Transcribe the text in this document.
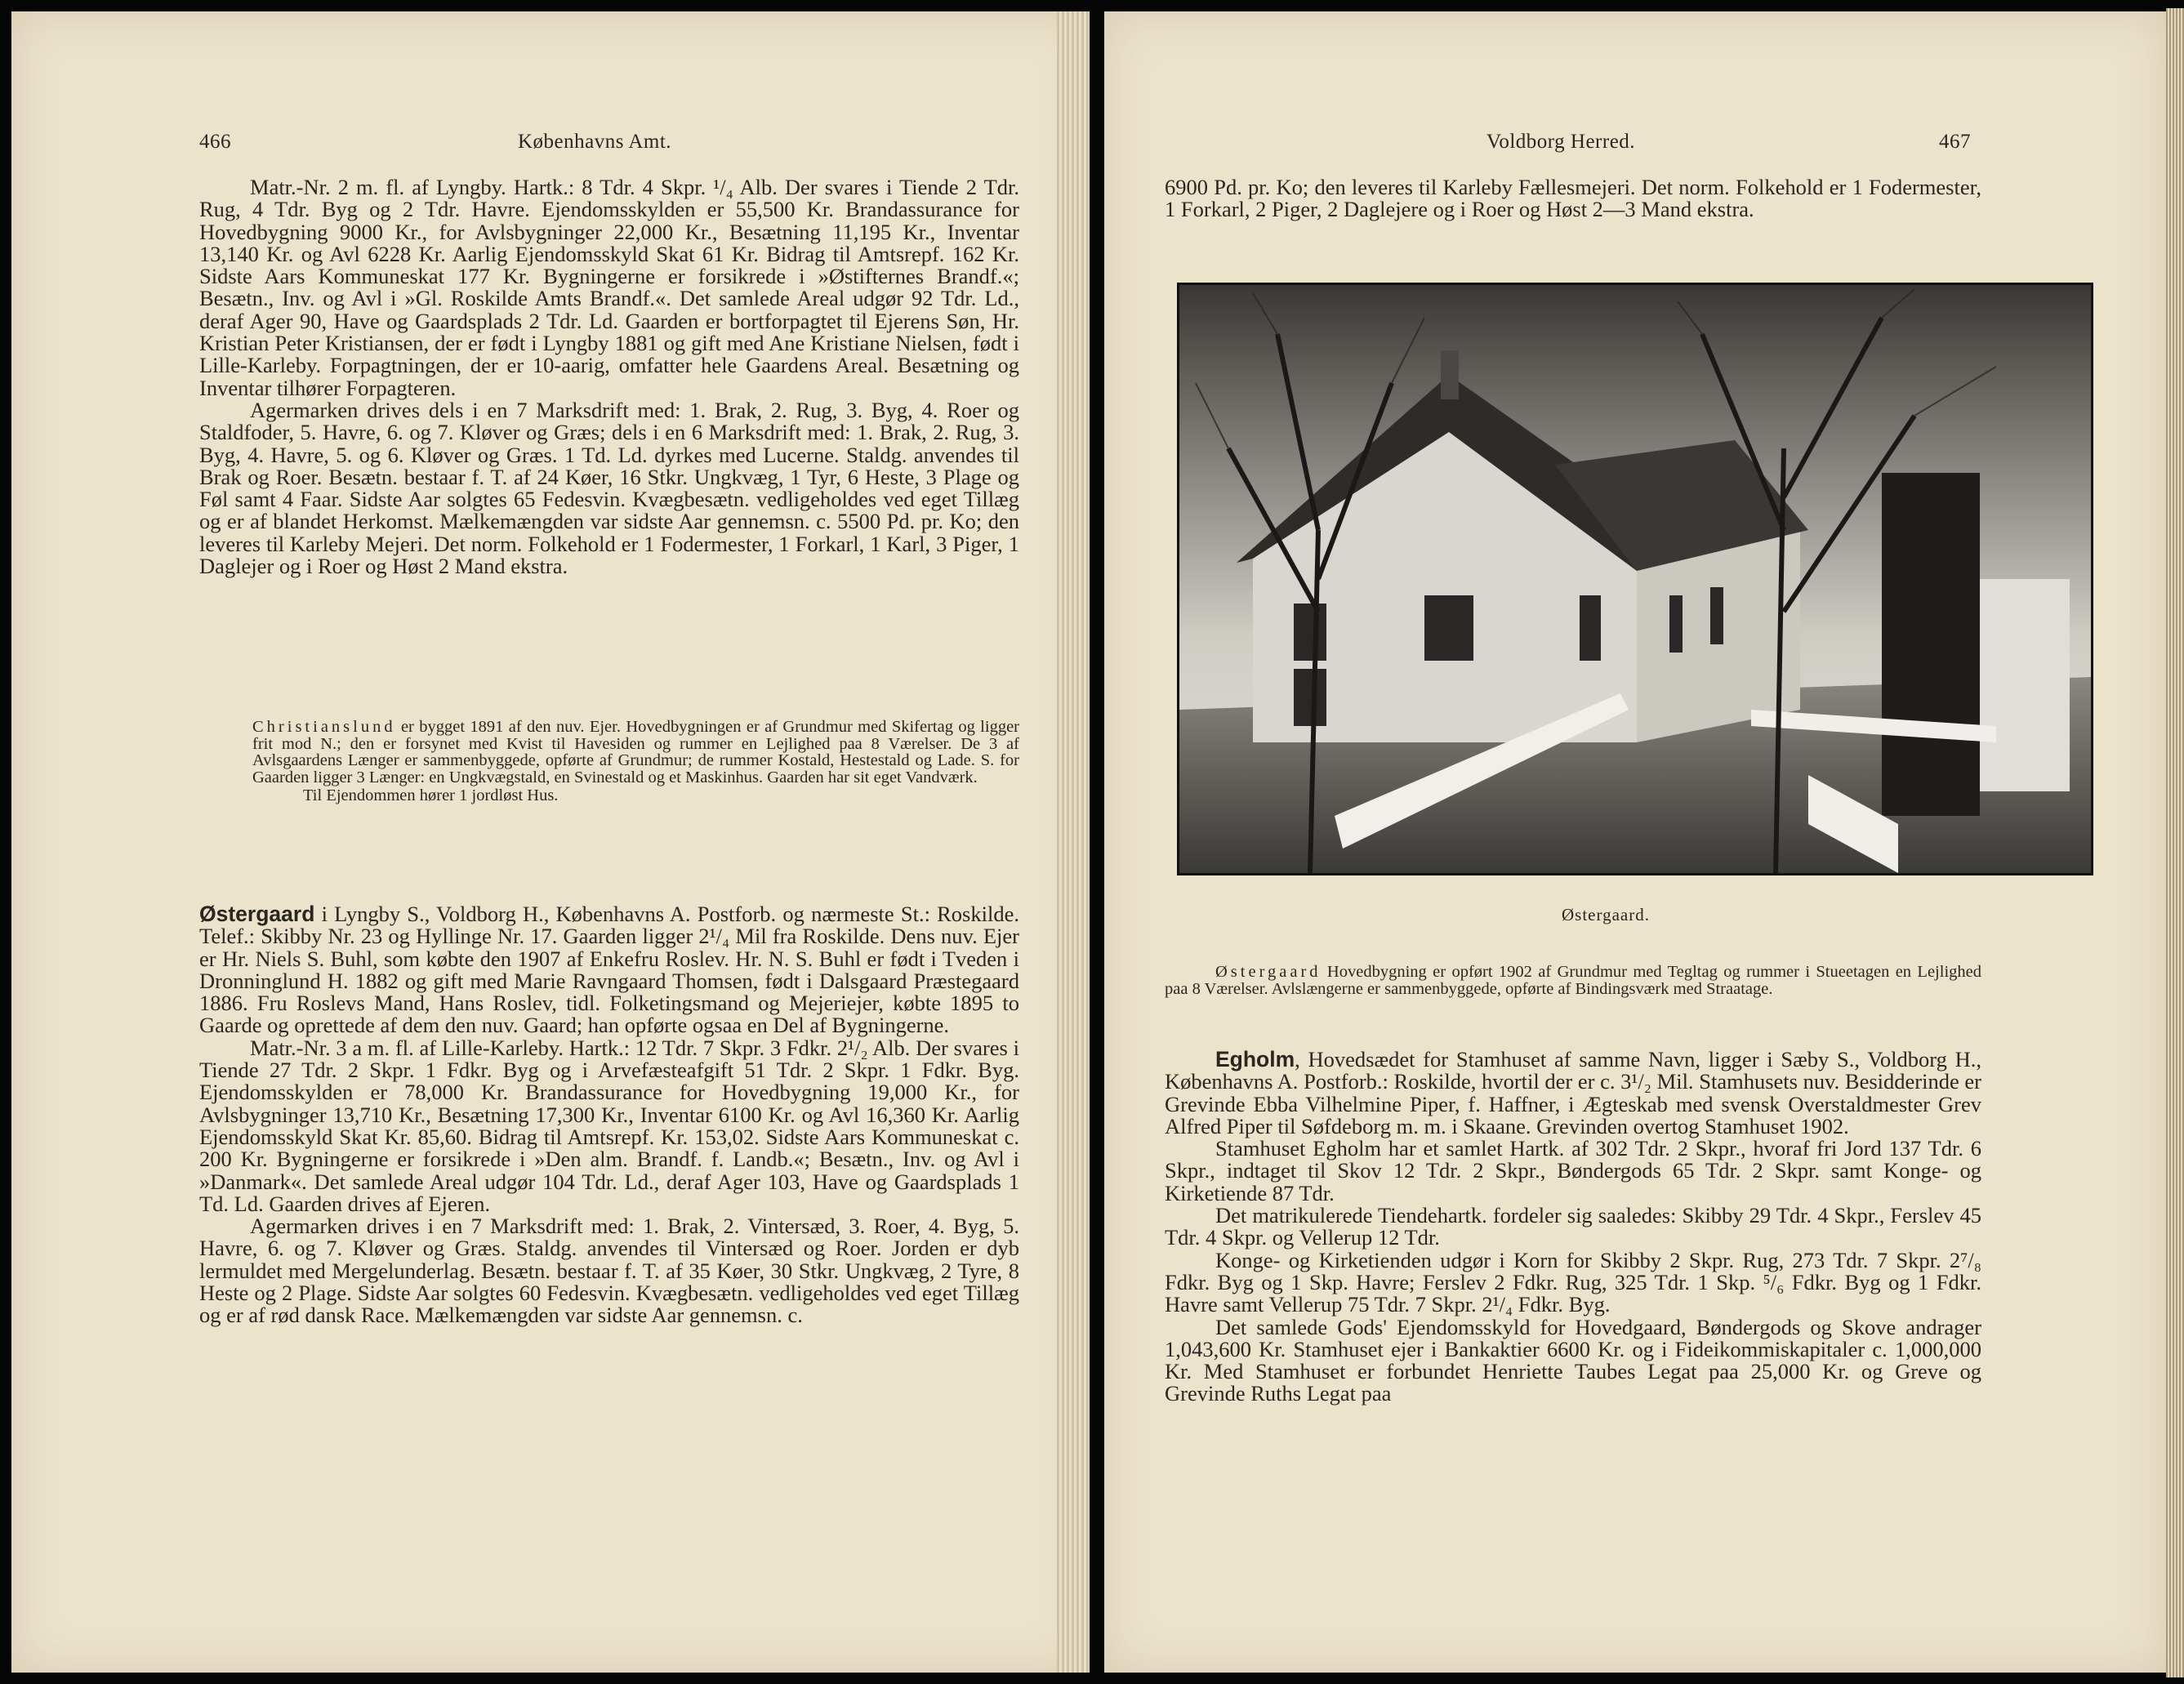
466	Københavns Amt.

Matr.-Nr. 2 m. fl. af Lyngby. Hartk.: 8 Tdr. 4 Skpr. ¹/₄ Alb. Der svares i Tiende 2 Tdr. Rug, 4 Tdr. Byg og 2 Tdr. Havre. Ejendomsskylden er 55,500 Kr. Brandassurance for Hovedbygning 9000 Kr., for Avlsbygninger 22,000 Kr., Besætning 11,195 Kr., Inventar 13,140 Kr. og Avl 6228 Kr. Aarlig Ejendomsskyld Skat 61 Kr. Bidrag til Amtsrepf. 162 Kr. Sidste Aars Kommuneskat 177 Kr. Bygningerne er forsikrede i »Østifternes Brandf.«; Besætn., Inv. og Avl i »Gl. Roskilde Amts Brandf.«. Det samlede Areal udgør 92 Tdr. Ld., deraf Ager 90, Have og Gaardsplads 2 Tdr. Ld. Gaarden er bortforpagtet til Ejerens Søn, Hr. Kristian Peter Kristiansen, der er født i Lyngby 1881 og gift med Ane Kristiane Nielsen, født i Lille-Karleby. Forpagtningen, der er 10-aarig, omfatter hele Gaardens Areal. Besætning og Inventar tilhører Forpagteren.

Agermarken drives dels i en 7 Marksdrift med: 1. Brak, 2. Rug, 3. Byg, 4. Roer og Staldfoder, 5. Havre, 6. og 7. Kløver og Græs; dels i en 6 Marksdrift med: 1. Brak, 2. Rug, 3. Byg, 4. Havre, 5. og 6. Kløver og Græs. 1 Td. Ld. dyrkes med Lucerne. Staldg. anvendes til Brak og Roer. Besætn. bestaar f. T. af 24 Køer, 16 Stkr. Ungkvæg, 1 Tyr, 6 Heste, 3 Plage og Føl samt 4 Faar. Sidste Aar solgtes 65 Fedesvin. Kvægbesætn. vedligeholdes ved eget Tillæg og er af blandet Herkomst. Mælkemængden var sidste Aar gennemsn. c. 5500 Pd. pr. Ko; den leveres til Karleby Mejeri. Det norm. Folkehold er 1 Fodermester, 1 Forkarl, 1 Karl, 3 Piger, 1 Daglejer og i Roer og Høst 2 Mand ekstra.

Christianslund er bygget 1891 af den nuv. Ejer. Hovedbygningen er af Grundmur med Skifertag og ligger frit mod N.; den er forsynet med Kvist til Havesiden og rummer en Lejlighed paa 8 Værelser. De 3 af Avlsgaardens Længer er sammenbyggede, opførte af Grundmur; de rummer Kostald, Hestestald og Lade. S. for Gaarden ligger 3 Længer: en Ungkvægstald, en Svinestald og et Maskinhus. Gaarden har sit eget Vandværk.

Til Ejendommen hører 1 jordløst Hus.

Østergaard i Lyngby S., Voldborg H., Københavns A. Postforb. og nærmeste St.: Roskilde. Telef.: Skibby Nr. 23 og Hyllinge Nr. 17. Gaarden ligger 2¹/₄ Mil fra Roskilde. Dens nuv. Ejer er Hr. Niels S. Buhl, som købte den 1907 af Enkefru Roslev. Hr. N. S. Buhl er født i Tveden i Dronninglund H. 1882 og gift med Marie Ravngaard Thomsen, født i Dalsgaard Præstegaard 1886. Fru Roslevs Mand, Hans Roslev, tidl. Folketingsmand og Mejeriejer, købte 1895 to Gaarde og oprettede af dem den nuv. Gaard; han opførte ogsaa en Del af Bygningerne.

Matr.-Nr. 3 a m. fl. af Lille-Karleby. Hartk.: 12 Tdr. 7 Skpr. 3 Fdkr. 2¹/₂ Alb. Der svares i Tiende 27 Tdr. 2 Skpr. 1 Fdkr. Byg og i Arvefæsteafgift 51 Tdr. 2 Skpr. 1 Fdkr. Byg. Ejendomsskylden er 78,000 Kr. Brandassurance for Hovedbygning 19,000 Kr., for Avlsbygninger 13,710 Kr., Besætning 17,300 Kr., Inventar 6100 Kr. og Avl 16,360 Kr. Aarlig Ejendomsskyld Skat Kr. 85,60. Bidrag til Amtsrepf. Kr. 153,02. Sidste Aars Kommuneskat c. 200 Kr. Bygningerne er forsikrede i »Den alm. Brandf. f. Landb.«; Besætn., Inv. og Avl i »Danmark«. Det samlede Areal udgør 104 Tdr. Ld., deraf Ager 103, Have og Gaardsplads 1 Td. Ld. Gaarden drives af Ejeren.

Agermarken drives i en 7 Marksdrift med: 1. Brak, 2. Vintersæd, 3. Roer, 4. Byg, 5. Havre, 6. og 7. Kløver og Græs. Staldg. anvendes til Vintersæd og Roer. Jorden er dyb lermuldet med Mergelunderlag. Besætn. bestaar f. T. af 35 Køer, 30 Stkr. Ungkvæg, 2 Tyre, 8 Heste og 2 Plage. Sidste Aar solgtes 60 Fedesvin. Kvægbesætn. vedligeholdes ved eget Tillæg og er af rød dansk Race. Mælkemængden var sidste Aar gennemsn. c.

Voldborg Herred.	467

6900 Pd. pr. Ko; den leveres til Karleby Fællesmejeri. Det norm. Folkehold er 1 Fodermester, 1 Forkarl, 2 Piger, 2 Daglejere og i Roer og Høst 2—3 Mand ekstra.

Østergaard.

Østergaard Hovedbygning er opført 1902 af Grundmur med Tegltag og rummer i Stueetagen en Lejlighed paa 8 Værelser. Avlslængerne er sammenbyggede, opførte af Bindingsværk med Straatage.

Egholm, Hovedsædet for Stamhuset af samme Navn, ligger i Sæby S., Voldborg H., Københavns A. Postforb.: Roskilde, hvortil der er c. 3¹/₂ Mil. Stamhusets nuv. Besidderinde er Grevinde Ebba Vilhelmine Piper, f. Haffner, i Ægteskab med svensk Overstaldmester Grev Alfred Piper til Søfdeborg m. m. i Skaane. Grevinden overtog Stamhuset 1902.

Stamhuset Egholm har et samlet Hartk. af 302 Tdr. 2 Skpr., hvoraf fri Jord 137 Tdr. 6 Skpr., indtaget til Skov 12 Tdr. 2 Skpr., Bøndergods 65 Tdr. 2 Skpr. samt Konge- og Kirketiende 87 Tdr.

Det matrikulerede Tiendehartk. fordeler sig saaledes: Skibby 29 Tdr. 4 Skpr., Ferslev 45 Tdr. 4 Skpr. og Vellerup 12 Tdr.

Konge- og Kirketienden udgør i Korn for Skibby 2 Skpr. Rug, 273 Tdr. 7 Skpr. 2⁷/₈ Fdkr. Byg og 1 Skp. Havre; Ferslev 2 Fdkr. Rug, 325 Tdr. 1 Skp. ⁵/₆ Fdkr. Byg og 1 Fdkr. Havre samt Vellerup 75 Tdr. 7 Skpr. 2¹/₄ Fdkr. Byg.

Det samlede Gods' Ejendomsskyld for Hovedgaard, Bøndergods og Skove andrager 1,043,600 Kr. Stamhuset ejer i Bankaktier 6600 Kr. og i Fideikommiskapitaler c. 1,000,000 Kr. Med Stamhuset er forbundet Henriette Taubes Legat paa 25,000 Kr. og Greve og Grevinde Ruths Legat paa
